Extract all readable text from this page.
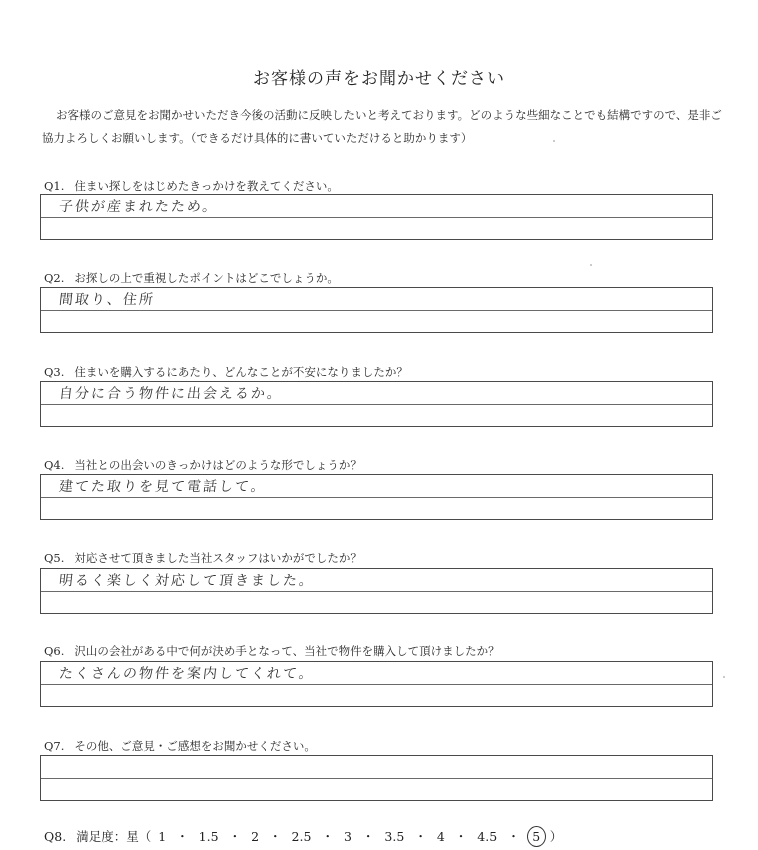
お客様の声をお聞かせください
お客様のご意見をお聞かせいただき今後の活動に反映したいと考えております。どのような些細なことでも結構ですので、是非ご協力よろしくお願いします。（できるだけ具体的に書いていただけると助かります）
Q1. 住まい探しをはじめたきっかけを教えてください。
子供が産まれたため。
Q2. お探しの上で重視したポイントはどこでしょうか。
間取り、住所
Q3. 住まいを購入するにあたり、どんなことが不安になりましたか？
自分に合う物件に出会えるか。
Q4. 当社との出会いのきっかけはどのような形でしょうか？
建てた取りを見て電話して。
Q5. 対応させて頂きました当社スタッフはいかがでしたか？
明るく楽しく対応して頂きました。
Q6. 沢山の会社がある中で何が決め手となって、当社で物件を購入して頂けましたか？
たくさんの物件を案内してくれて。
Q7. その他、ご意見・ご感想をお聞かせください。
Q8. 満足度：星（ 1 ・ 1.5 ・ 2 ・ 2.5 ・ 3 ・ 3.5 ・ 4 ・ 4.5 ・ 5 ）
